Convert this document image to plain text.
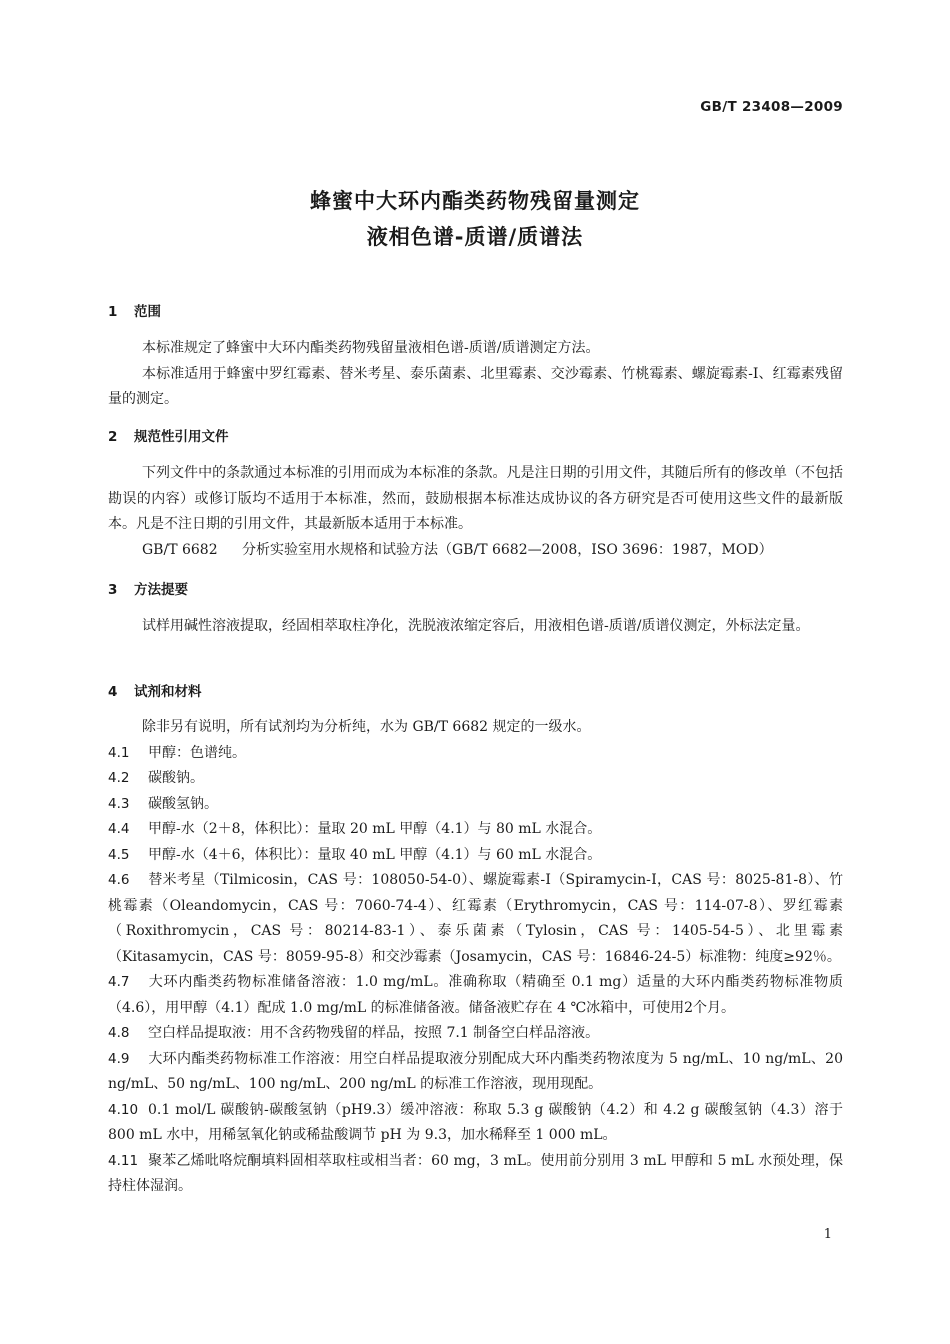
GB/T 23408—2009
蜂蜜中大环内酯类药物残留量测定
液相色谱-质谱/质谱法
1 范围

本标准规定了蜂蜜中大环内酯类药物残留量液相色谱-质谱/质谱测定方法。

本标准适用于蜂蜜中罗红霉素、替米考星、泰乐菌素、北里霉素、交沙霉素、竹桃霉素、螺旋霉素-I、红霉素残留量的测定。

2 规范性引用文件

下列文件中的条款通过本标准的引用而成为本标准的条款。凡是注日期的引用文件，其随后所有的修改单（不包括勘误的内容）或修订版均不适用于本标准，然而，鼓励根据本标准达成协议的各方研究是否可使用这些文件的最新版本。凡是不注日期的引用文件，其最新版本适用于本标准。

GB/T 6682 分析实验室用水规格和试验方法（GB/T 6682—2008，ISO 3696：1987，MOD）

3 方法提要

试样用碱性溶液提取，经固相萃取柱净化，洗脱液浓缩定容后，用液相色谱-质谱/质谱仪测定，外标法定量。

4 试剂和材料

除非另有说明，所有试剂均为分析纯，水为 GB/T 6682 规定的一级水。

4.1 甲醇：色谱纯。

4.2 碳酸钠。

4.3 碳酸氢钠。

4.4 甲醇-水（2＋8，体积比）：量取 20 mL 甲醇（4.1）与 80 mL 水混合。

4.5 甲醇-水（4＋6，体积比）：量取 40 mL 甲醇（4.1）与 60 mL 水混合。

4.6 替米考星（Tilmicosin，CAS 号：108050-54-0）、螺旋霉素-Ⅰ（Spiramycin-Ⅰ，CAS 号：8025-81-8）、竹桃霉素（Oleandomycin，CAS 号：7060-74-4）、红霉素（Erythromycin，CAS 号：114-07-8）、罗红霉素（Roxithromycin，CAS 号：80214-83-1）、泰乐菌素（Tylosin，CAS 号：1405-54-5）、北里霉素（Kitasamycin，CAS 号：8059-95-8）和交沙霉素（Josamycin，CAS 号：16846-24-5）标准物：纯度≥92％。

4.7 大环内酯类药物标准储备溶液：1.0 mg/mL。准确称取（精确至 0.1 mg）适量的大环内酯类药物标准物质（4.6），用甲醇（4.1）配成 1.0 mg/mL 的标准储备液。储备液贮存在 4 ℃冰箱中，可使用2个月。

4.8 空白样品提取液：用不含药物残留的样品，按照 7.1 制备空白样品溶液。

4.9 大环内酯类药物标准工作溶液：用空白样品提取液分别配成大环内酯类药物浓度为 5 ng/mL、10 ng/mL、20 ng/mL、50 ng/mL、100 ng/mL、200 ng/mL 的标准工作溶液，现用现配。

4.10 0.1 mol/L 碳酸钠-碳酸氢钠（pH9.3）缓冲溶液：称取 5.3 g 碳酸钠（4.2）和 4.2 g 碳酸氢钠（4.3）溶于 800 mL 水中，用稀氢氧化钠或稀盐酸调节 pH 为 9.3，加水稀释至 1 000 mL。

4.11 聚苯乙烯吡咯烷酮填料固相萃取柱或相当者：60 mg，3 mL。使用前分别用 3 mL 甲醇和 5 mL 水预处理，保持柱体湿润。

1
